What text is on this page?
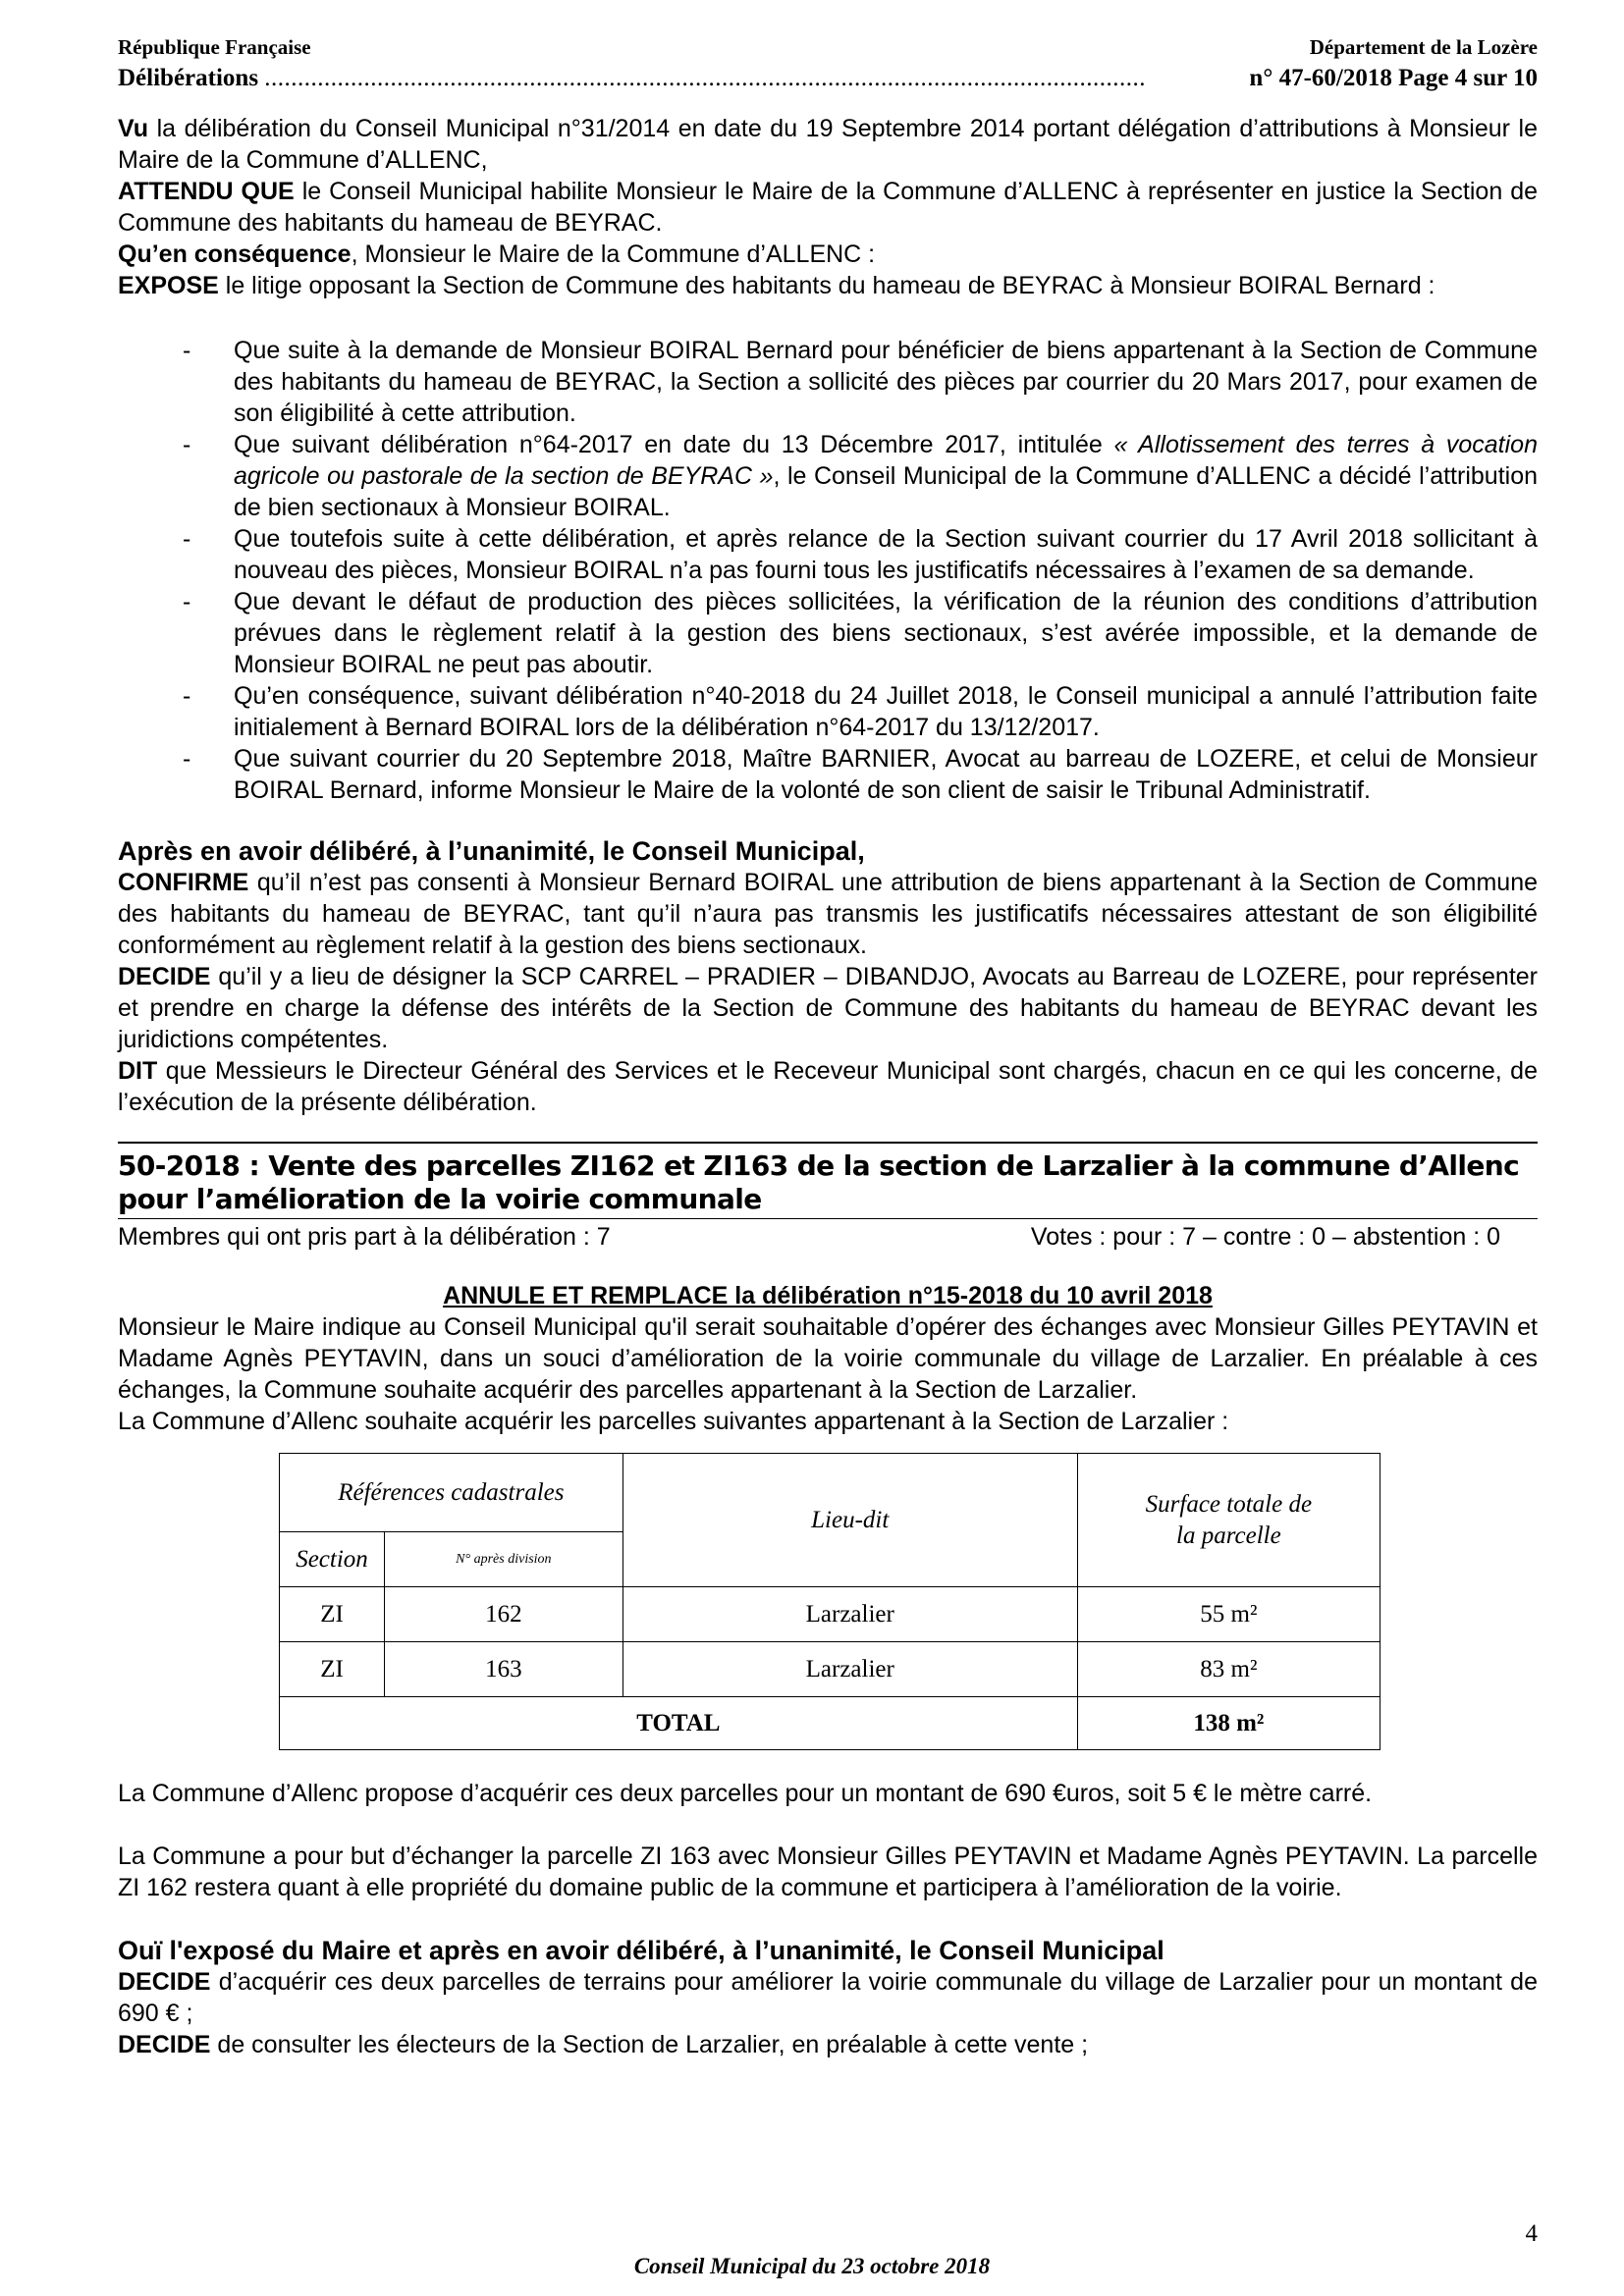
République Française	Département de la Lozère
Délibérations .....................................................................................................................................	n° 47-60/2018 Page 4 sur 10

Vu la délibération du Conseil Municipal n°31/2014 en date du 19 Septembre 2014 portant délégation d’attributions à Monsieur le Maire de la Commune d’ALLENC,

ATTENDU QUE le Conseil Municipal habilite Monsieur le Maire de la Commune d’ALLENC à représenter en justice la Section de Commune des habitants du hameau de BEYRAC.

Qu’en conséquence, Monsieur le Maire de la Commune d’ALLENC :

EXPOSE le litige opposant la Section de Commune des habitants du hameau de BEYRAC à Monsieur BOIRAL Bernard :

- Que suite à la demande de Monsieur BOIRAL Bernard pour bénéficier de biens appartenant à la Section de Commune des habitants du hameau de BEYRAC, la Section a sollicité des pièces par courrier du 20 Mars 2017, pour examen de son éligibilité à cette attribution.
- Que suivant délibération n°64-2017 en date du 13 Décembre 2017, intitulée « Allotissement des terres à vocation agricole ou pastorale de la section de BEYRAC », le Conseil Municipal de la Commune d’ALLENC a décidé l’attribution de bien sectionaux à Monsieur BOIRAL.
- Que toutefois suite à cette délibération, et après relance de la Section suivant courrier du 17 Avril 2018 sollicitant à nouveau des pièces, Monsieur BOIRAL n’a pas fourni tous les justificatifs nécessaires à l’examen de sa demande.
- Que devant le défaut de production des pièces sollicitées, la vérification de la réunion des conditions d’attribution prévues dans le règlement relatif à la gestion des biens sectionaux, s’est avérée impossible, et la demande de Monsieur BOIRAL ne peut pas aboutir.
- Qu’en conséquence, suivant délibération n°40-2018 du 24 Juillet 2018, le Conseil municipal a annulé l’attribution faite initialement à Bernard BOIRAL lors de la délibération n°64-2017 du 13/12/2017.
- Que suivant courrier du 20 Septembre 2018, Maître BARNIER, Avocat au barreau de LOZERE, et celui de Monsieur BOIRAL Bernard, informe Monsieur le Maire de la volonté de son client de saisir le Tribunal Administratif.
Après en avoir délibéré, à l’unanimité, le Conseil Municipal,

CONFIRME qu’il n’est pas consenti à Monsieur Bernard BOIRAL une attribution de biens appartenant à la Section de Commune des habitants du hameau de BEYRAC, tant qu’il n’aura pas transmis les justificatifs nécessaires attestant de son éligibilité conformément au règlement relatif à la gestion des biens sectionaux.

DECIDE qu’il y a lieu de désigner la SCP CARREL – PRADIER – DIBANDJO, Avocats au Barreau de LOZERE, pour représenter et prendre en charge la défense des intérêts de la Section de Commune des habitants du hameau de BEYRAC devant les juridictions compétentes.

DIT que Messieurs le Directeur Général des Services et le Receveur Municipal sont chargés, chacun en ce qui les concerne, de l’exécution de la présente délibération.

50-2018 : Vente des parcelles ZI162 et ZI163 de la section de Larzalier à la commune d’Allenc pour l’amélioration de la voirie communale
Membres qui ont pris part à la délibération : 7	Votes : pour : 7 – contre : 0 – abstention : 0
ANNULE ET REMPLACE la délibération n°15-2018 du 10 avril 2018

Monsieur le Maire indique au Conseil Municipal qu'il serait souhaitable d’opérer des échanges avec Monsieur Gilles PEYTAVIN et Madame Agnès PEYTAVIN, dans un souci d’amélioration de la voirie communale du village de Larzalier. En préalable à ces échanges, la Commune souhaite acquérir des parcelles appartenant à la Section de Larzalier.

La Commune d’Allenc souhaite acquérir les parcelles suivantes appartenant à la Section de Larzalier :

Références cadastrales		Lieu-dit	Surface totale de la parcelle
Section	N° après division		
ZI	162	Larzalier	55 m²
ZI	163	Larzalier	83 m²
TOTAL			138 m²

La Commune d’Allenc propose d’acquérir ces deux parcelles pour un montant de 690 €uros, soit 5 € le mètre carré.

La Commune a pour but d’échanger la parcelle ZI 163 avec Monsieur Gilles PEYTAVIN et Madame Agnès PEYTAVIN. La parcelle ZI 162 restera quant à elle propriété du domaine public de la commune et participera à l’amélioration de la voirie.

Ouï l'exposé du Maire et après en avoir délibéré, à l’unanimité, le Conseil Municipal

DECIDE d’acquérir ces deux parcelles de terrains pour améliorer la voirie communale du village de Larzalier pour un montant de 690 € ;

DECIDE de consulter les électeurs de la Section de Larzalier, en préalable à cette vente ;

4
Conseil Municipal du 23 octobre 2018
